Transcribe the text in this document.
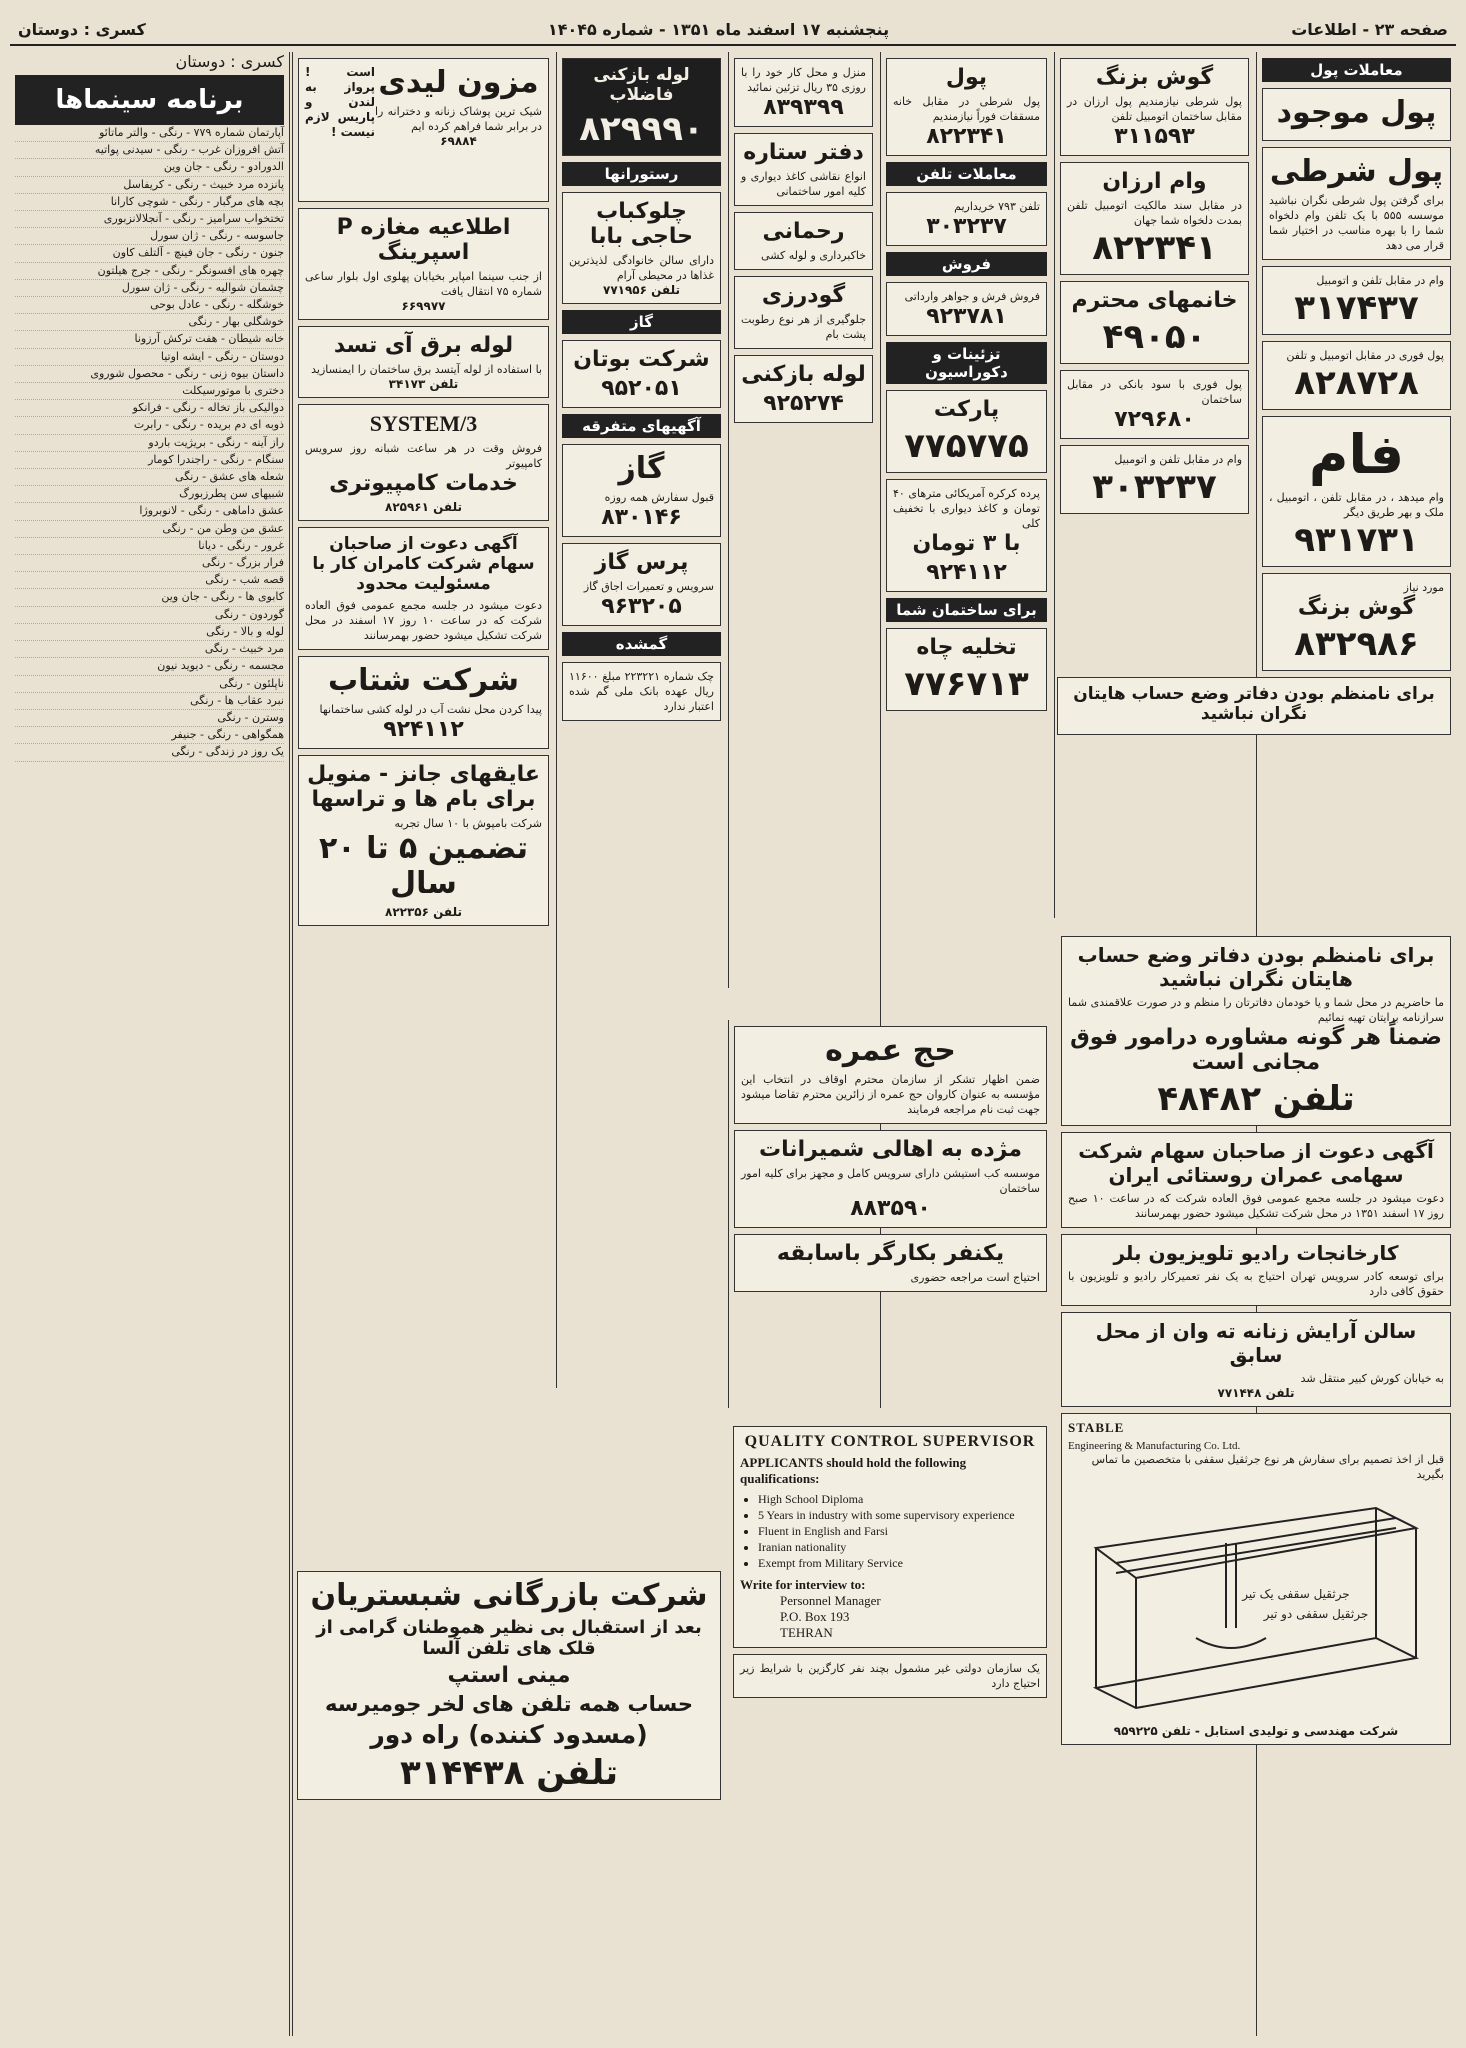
صفحه ۲۳ - اطلاعات
پنجشنبه ۱۷ اسفند ماه ۱۳۵۱ - شماره ۱۴۰۴۵
کسری : دوستان
معاملات پول
پول موجود
پول شرطی
برای گرفتن پول شرطی نگران نباشید موسسه ۵۵۵ با یک تلفن وام دلخواه شما را با بهره مناسب در اختیار شما قرار می دهد
وام در مقابل تلفن و اتومبیل
۳۱۷۴۳۷
پول فوری در مقابل اتومبیل و تلفن
۸۲۸۷۲۸
فام
وام میدهد ، در مقابل تلفن ، اتومبیل ، ملک و بهر طریق دیگر
۹۳۱۷۳۱
مورد نیاز
گوش بزنگ
۸۳۲۹۸۶
برای نامنظم بودن دفاتر وضع حساب هایتان نگران نباشید
برای نامنظم بودن دفاتر وضع حساب هایتان نگران نباشید
ما حاضریم در محل شما و یا خودمان دفاترتان را منظم و در صورت علاقمندی شما سرازنامه برایتان تهیه نمائیم
ضمناً هر گونه مشاوره درامور فوق مجانی است
تلفن ۴۸۴۸۲
آگهی دعوت از صاحبان سهام شرکت سهامی عمران روستائی ایران
دعوت میشود در جلسه مجمع عمومی فوق العاده شرکت که در ساعت ۱۰ صبح روز ۱۷ اسفند ۱۳۵۱ در محل شرکت تشکیل میشود حضور بهمرسانند
کارخانجات رادیو تلویزیون بلر
برای توسعه کادر سرویس تهران احتیاج به یک نفر تعمیرکار رادیو و تلویزیون با حقوق کافی دارد
سالن آرایش زنانه ته وان از محل سابق
به خیابان کورش کبیر منتقل شد
تلفن ۷۷۱۴۴۸
STABLE
Engineering & Manufacturing Co. Ltd.
قبل از اخذ تصمیم برای سفارش هر نوع جرثقیل سقفی با متخصصین ما تماس بگیرید
جرثقیل سقفی یک تیر
جرثقیل سقفی دو تیر
شرکت مهندسی و تولیدی استابل - تلفن ۹۵۹۲۲۵
گوش بزنگ
پول شرطی نیازمندیم پول ارزان در مقابل ساختمان اتومبیل تلفن
۳۱۱۵۹۳
وام ارزان
در مقابل سند مالکیت اتومبیل تلفن بمدت دلخواه شما جهان
۸۲۲۳۴۱
خانمهای محترم
۴۹۰۵۰
پول فوری با سود بانکی در مقابل ساختمان
۷۲۹۶۸۰
وام در مقابل تلفن و اتومبیل
۳۰۳۲۳۷
پول
پول شرطی در مقابل خانه مسقفات فوراً نیازمندیم
۸۲۲۳۴۱
معاملات تلفن
تلفن ۷۹۳ خریداریم
۳۰۳۲۳۷
فروش
فروش فرش و جواهر وارداتی
۹۲۳۷۸۱
تزئینات و دکوراسیون
پارکت
۷۷۵۷۷۵
پرده کرکره آمریکائی مترهای ۴۰ تومان و کاغذ دیواری با تخفیف کلی
با ۳ تومان
۹۲۴۱۱۲
برای ساختمان شما
تخلیه چاه
۷۷۶۷۱۳
منزل و محل کار خود را با روزی ۳۵ ریال تزئین نمائید
۸۳۹۳۹۹
دفتر ستاره
انواع نقاشی کاغذ دیواری و کلیه امور ساختمانی
رحمانی
خاکبرداری و لوله کشی
گودرزی
جلوگیری از هر نوع رطوبت پشت بام
لوله بازکنی
۹۲۵۲۷۴
حج عمره
ضمن اظهار تشکر از سازمان محترم اوقاف در انتخاب این مؤسسه به عنوان کاروان حج عمره از زائرین محترم تقاضا میشود جهت ثبت نام مراجعه فرمایند
مژده به اهالی شمیرانات
موسسه کب استیشن دارای سرویس کامل و مجهز برای کلیه امور ساختمان
۸۸۳۵۹۰
یکنفر بکارگر باسابقه
احتیاج است مراجعه حضوری
QUALITY CONTROL SUPERVISOR
APPLICANTS should hold the following qualifications:
• High School Diploma
• 5 Years in industry with some supervisory experience
• Fluent in English and Farsi
• Iranian nationality
• Exempt from Military Service
Write for interview to:
Personnel Manager
P.O. Box 193
TEHRAN
یک سازمان دولتی غیر مشمول بچند نفر کارگزین با شرایط زیر احتیاج دارد
لوله بازکنی فاضلاب
۸۲۹۹۹۰
رستورانها
چلوکباب حاجی بابا
دارای سالن خانوادگی لذیذترین غذاها در محیطی آرام
تلفن ۷۷۱۹۵۶
گاز
شرکت بوتان
۹۵۲۰۵۱
آگهیهای متفرقه
گاز
قبول سفارش همه روزه
۸۳۰۱۴۶
پرس گاز
سرویس و تعمیرات اجاق گاز
۹۶۳۲۰۵
گمشده
چک شماره ۲۲۳۲۲۱ مبلغ ۱۱۶۰۰ ریال عهده بانک ملی گم شده اعتبار ندارد
است ! پرواز به لندن و پاریس لازم نیست !
مزون لیدی
شیک ترین پوشاک زنانه و دخترانه را در برابر شما فراهم کرده ایم
۶۹۸۸۴
اطلاعیه مغازه P اسپرینگ
از جنب سینما امپایر بخیابان پهلوی اول بلوار ساعی شماره ۷۵ انتقال یافت
۶۶۹۹۷۷
لوله برق آی تسد
با استفاده از لوله آیتسد برق ساختمان را ایمنسازید
تلفن ۳۴۱۷۳
SYSTEM/3
فروش وقت در هر ساعت شبانه روز سرویس کامپیوتر
خدمات کامپیوتری
تلفن ۸۲۵۹۶۱
آگهی دعوت از صاحبان سهام شرکت کامران کار با مسئولیت محدود
دعوت میشود در جلسه مجمع عمومی فوق العاده شرکت که در ساعت ۱۰ روز ۱۷ اسفند در محل شرکت تشکیل میشود حضور بهمرسانند
شرکت شتاب
پیدا کردن محل نشت آب در لوله کشی ساختمانها
۹۲۴۱۱۲
عایقهای جانز - منویل برای بام ها و تراسها
شرکت بامپوش با ۱۰ سال تجربه
تضمین ۵ تا ۲۰ سال
تلفن ۸۲۲۳۵۶
شرکت بازرگانی شبستریان
بعد از استقبال بی نظیر هموطنان گرامی از قلک های تلفن آلسا
مینی استپ
حساب همه تلفن های لخر جومیرسه
(مسدود کننده) راه دور
تلفن ۳۱۴۴۳۸
کسری : دوستان
برنامه سینماها
آپارتمان شماره ۷۷۹ - رنگی - والتر ماتائو
آتش افروزان غرب - رنگی - سیدنی پواتیه
الدورادو - رنگی - جان وین
پانزده مرد خبیث - رنگی - کریفاسل
بچه های مرگبار - رنگی - شوچی کارانا
تختخواب سرامیز - رنگی - آنجلالانزبوری
جاسوسه - رنگی - ژان سورل
جنون - رنگی - جان فینچ - آلتلف کاون
چهره های افسونگر - رنگی - جرج هیلتون
چشمان شوالیه - رنگی - ژان سورل
خوشگله - رنگی - عادل بوحی
خوشگلی بهار - رنگی
خانه شیطان - هفت ترکش آرزونا
دوستان - رنگی - ایشه اوتیا
داستان بیوه زنی - رنگی - محصول شوروی
دختری با موتورسیکلت
دوالیکی باز تخاله - رنگی - فرانکو
ذوبه ای دم بریده - رنگی - رابرت
راز آینه - رنگی - بریژیت باردو
سنگام - رنگی - راجندرا کومار
شعله های عشق - رنگی
شبیهای سن پطرزبورگ
عشق داماهی - رنگی - لانوبروژا
عشق من وطن من - رنگی
غرور - رنگی - دیانا
فرار بزرگ - رنگی
قصه شب - رنگی
کابوی ها - رنگی - جان وین
گوردون - رنگی
لوله و بالا - رنگی
مرد خبیث - رنگی
مجسمه - رنگی - دیوید نیون
ناپلئون - رنگی
نبرد عقاب ها - رنگی
وسترن - رنگی
همگواهی - رنگی - جنیفر
یک روز در زندگی - رنگی
